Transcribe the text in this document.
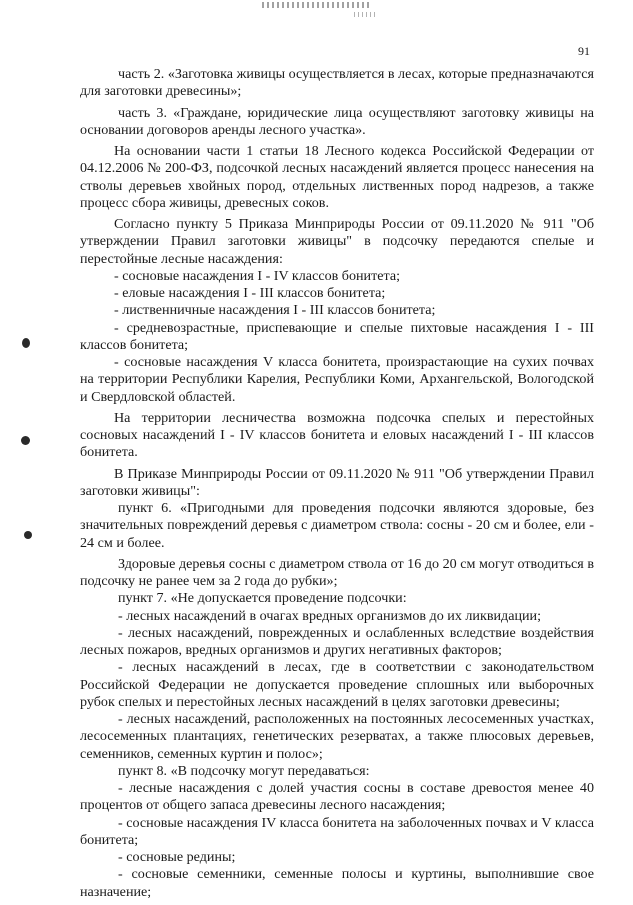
91

часть 2. «Заготовка живицы осуществляется в лесах, которые предназначаются для заготовки древесины»;

часть 3. «Граждане, юридические лица осуществляют заготовку живицы на основании договоров аренды лесного участка».

На основании части 1 статьи 18 Лесного кодекса Российской Федерации от 04.12.2006 № 200-ФЗ, подсочкой лесных насаждений является процесс нанесения на стволы деревьев хвойных пород, отдельных лиственных пород надрезов, а также процесс сбора живицы, древесных соков.

Согласно пункту 5 Приказа Минприроды России от 09.11.2020 № 911 "Об утверждении Правил заготовки живицы" в подсочку передаются спелые и перестойные лесные насаждения:

- сосновые насаждения I - IV классов бонитета;

- еловые насаждения I - III классов бонитета;

- лиственничные насаждения I - III классов бонитета;

- средневозрастные, приспевающие и спелые пихтовые насаждения I - III классов бонитета;

- сосновые насаждения V класса бонитета, произрастающие на сухих почвах на территории Республики Карелия, Республики Коми, Архангельской, Вологодской и Свердловской областей.

На территории лесничества возможна подсочка спелых и перестойных сосновых насаждений I - IV классов бонитета и еловых насаждений I - III классов бонитета.

В Приказе Минприроды России от 09.11.2020 № 911 "Об утверждении Правил заготовки живицы":

пункт 6. «Пригодными для проведения подсочки являются здоровые, без значительных повреждений деревья с диаметром ствола: сосны - 20 см и более, ели - 24 см и более.

Здоровые деревья сосны с диаметром ствола от 16 до 20 см могут отводиться в подсочку не ранее чем за 2 года до рубки»;

пункт 7. «Не допускается проведение подсочки:

- лесных насаждений в очагах вредных организмов до их ликвидации;

- лесных насаждений, поврежденных и ослабленных вследствие воздействия лесных пожаров, вредных организмов и других негативных факторов;

- лесных насаждений в лесах, где в соответствии с законодательством Российской Федерации не допускается проведение сплошных или выборочных рубок спелых и перестойных лесных насаждений в целях заготовки древесины;

- лесных насаждений, расположенных на постоянных лесосеменных участках, лесосеменных плантациях, генетических резерватах, а также плюсовых деревьев, семенников, семенных куртин и полос»;

пункт 8. «В подсочку могут передаваться:

- лесные насаждения с долей участия сосны в составе древостоя менее 40 процентов от общего запаса древесины лесного насаждения;

- сосновые насаждения IV класса бонитета на заболоченных почвах и V класса бонитета;

- сосновые редины;

- сосновые семенники, семенные полосы и куртины, выполнившие свое назначение;
